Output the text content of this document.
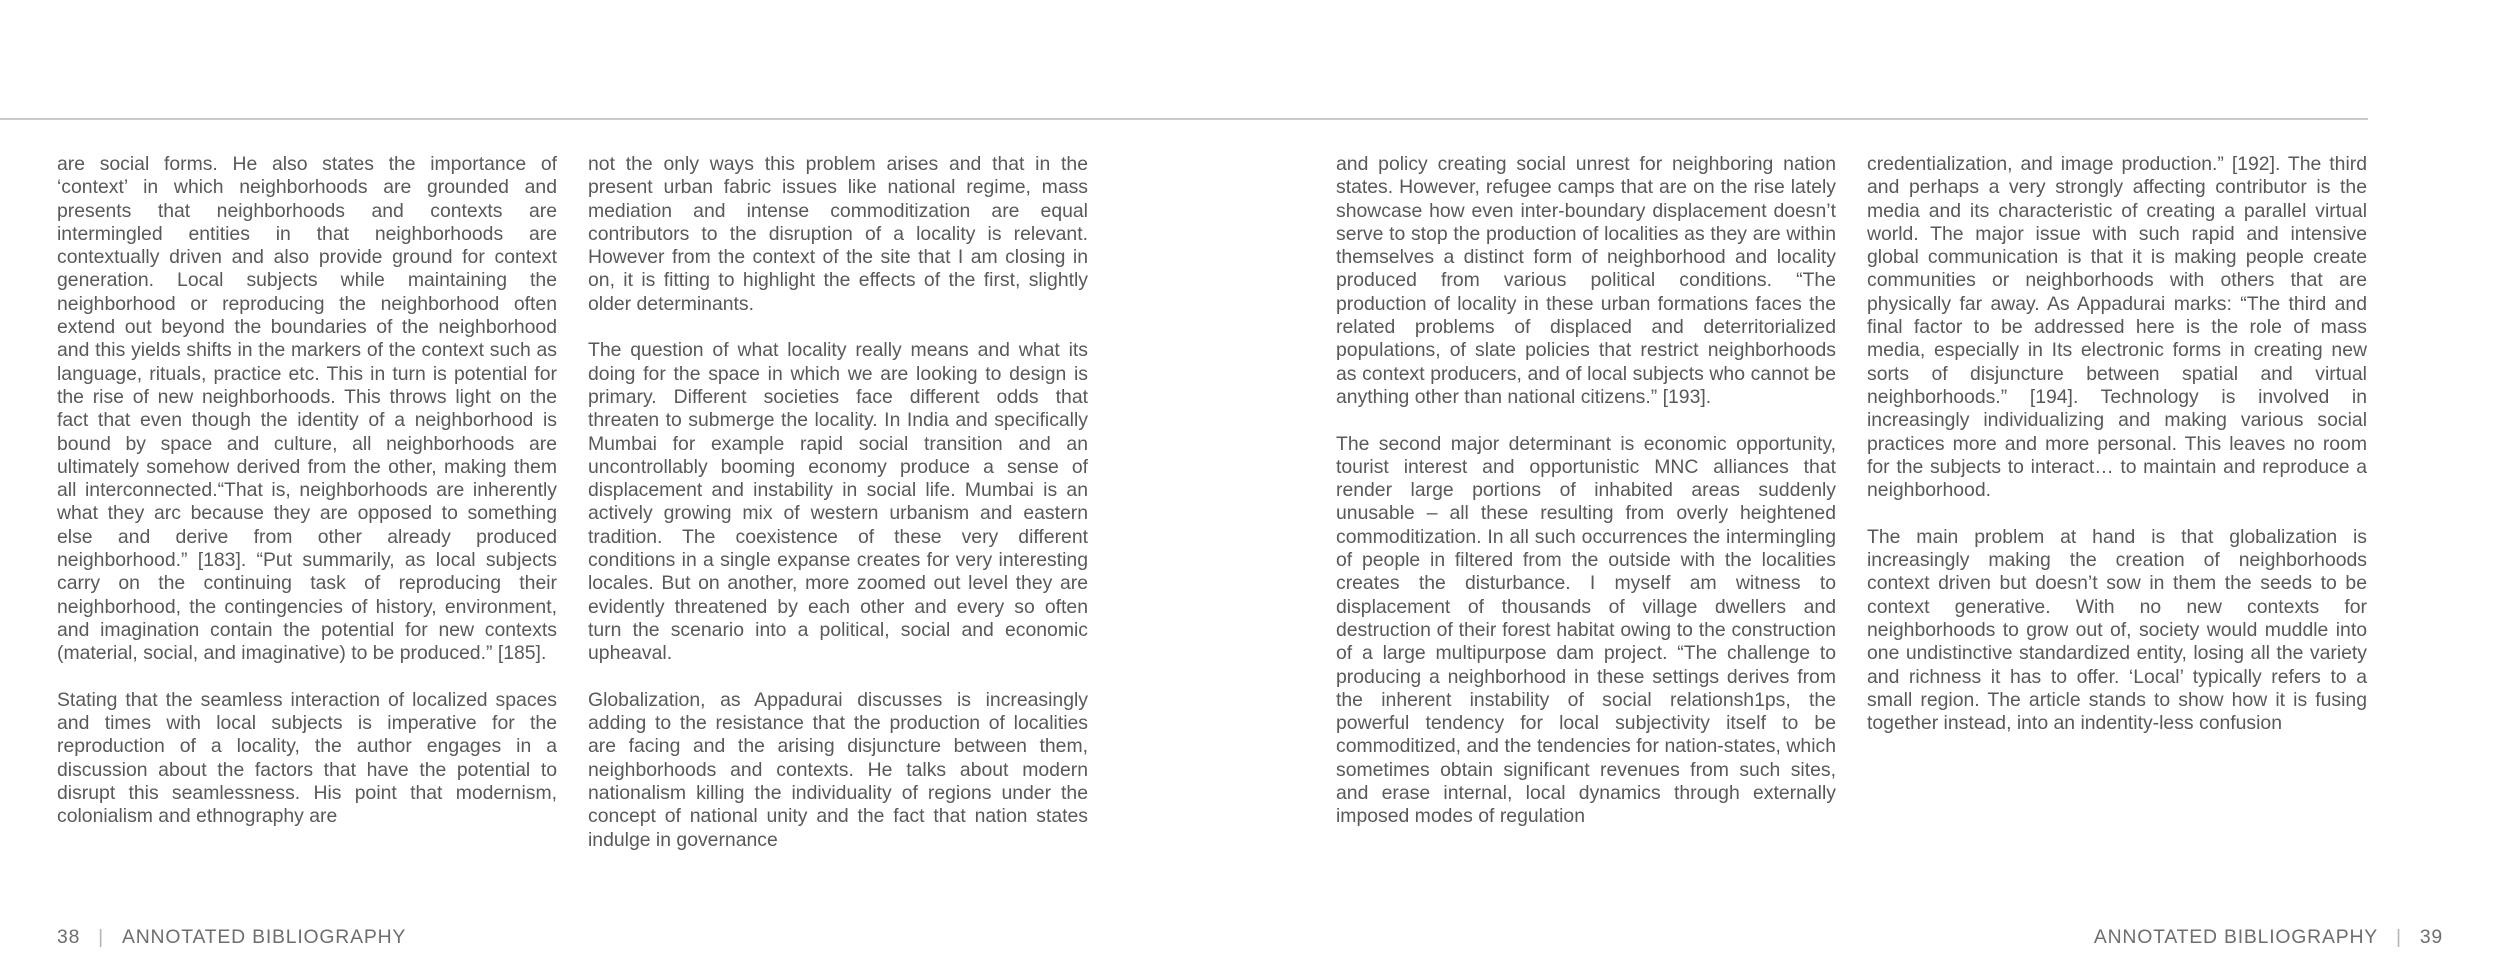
are social forms. He also states the importance of ‘context’ in which neighborhoods are grounded and presents that neighborhoods and contexts are intermingled entities in that neighborhoods are contextually driven and also provide ground for context generation. Local subjects while maintaining the neighborhood or reproducing the neighborhood often extend out beyond the boundaries of the neighborhood and this yields shifts in the markers of the context such as language, rituals, practice etc. This in turn is potential for the rise of new neighborhoods. This throws light on the fact that even though the identity of a neighborhood is bound by space and culture, all neighborhoods are ultimately somehow derived from the other, making them all interconnected.“That is, neighborhoods are inherently what they arc because they are opposed to something else and derive from other already produced neighborhood.” [183]. “Put summarily, as local subjects carry on the continuing task of reproducing their neighborhood, the contingencies of history, environment, and imagination contain the potential for new contexts (material, social, and imaginative) to be produced.” [185].

Stating that the seamless interaction of localized spaces and times with local subjects is imperative for the reproduction of a locality, the author engages in a discussion about the factors that have the potential to disrupt this seamlessness. His point that modernism, colonialism and ethnography are

not the only ways this problem arises and that in the present urban fabric issues like national regime, mass mediation and intense commoditization are equal contributors to the disruption of a locality is relevant. However from the context of the site that I am closing in on, it is fitting to highlight the effects of the first, slightly older determinants.

The question of what locality really means and what its doing for the space in which we are looking to design is primary. Different societies face different odds that threaten to submerge the locality. In India and specifically Mumbai for example rapid social transition and an uncontrollably booming economy produce a sense of displacement and instability in social life. Mumbai is an actively growing mix of western urbanism and eastern tradition. The coexistence of these very different conditions in a single expanse creates for very interesting locales. But on another, more zoomed out level they are evidently threatened by each other and every so often turn the scenario into a political, social and economic upheaval.

Globalization, as Appadurai discusses is increasingly adding to the resistance that the production of localities are facing and the arising disjuncture between them, neighborhoods and contexts. He talks about modern nationalism killing the individuality of regions under the concept of national unity and the fact that nation states indulge in governance

and policy creating social unrest for neighboring nation states. However, refugee camps that are on the rise lately showcase how even inter-boundary displacement doesn’t serve to stop the production of localities as they are within themselves a distinct form of neighborhood and locality produced from various political conditions. “The production of locality in these urban formations faces the related problems of displaced and deterritorialized populations, of slate policies that restrict neighborhoods as context producers, and of local subjects who cannot be anything other than national citizens.” [193].

The second major determinant is economic opportunity, tourist interest and opportunistic MNC alliances that render large portions of inhabited areas suddenly unusable – all these resulting from overly heightened commoditization. In all such occurrences the intermingling of people in filtered from the outside with the localities creates the disturbance. I myself am witness to displacement of thousands of village dwellers and destruction of their forest habitat owing to the construction of a large multipurpose dam project. “The challenge to producing a neighborhood in these settings derives from the inherent instability of social relationsh1ps, the powerful tendency for local subjectivity itself to be commoditized, and the tendencies for nation-states, which sometimes obtain significant revenues from such sites, and erase internal, local dynamics through externally imposed modes of regulation

credentialization, and image production.” [192]. The third and perhaps a very strongly affecting contributor is the media and its characteristic of creating a parallel virtual world. The major issue with such rapid and intensive global communication is that it is making people create communities or neighborhoods with others that are physically far away. As Appadurai marks: “The third and final factor to be addressed here is the role of mass media, especially in Its electronic forms in creating new sorts of disjuncture between spatial and virtual neighborhoods.” [194]. Technology is involved in increasingly individualizing and making various social practices more and more personal. This leaves no room for the subjects to interact… to maintain and reproduce a neighborhood.

The main problem at hand is that globalization is increasingly making the creation of neighborhoods context driven but doesn’t sow in them the seeds to be context generative. With no new contexts for neighborhoods to grow out of, society would muddle into one undistinctive standardized entity, losing all the variety and richness it has to offer. ‘Local’ typically refers to a small region. The article stands to show how it is fusing together instead, into an indentity-less confusion

38 | ANNOTATED BIBLIOGRAPHY	ANNOTATED BIBLIOGRAPHY | 39
